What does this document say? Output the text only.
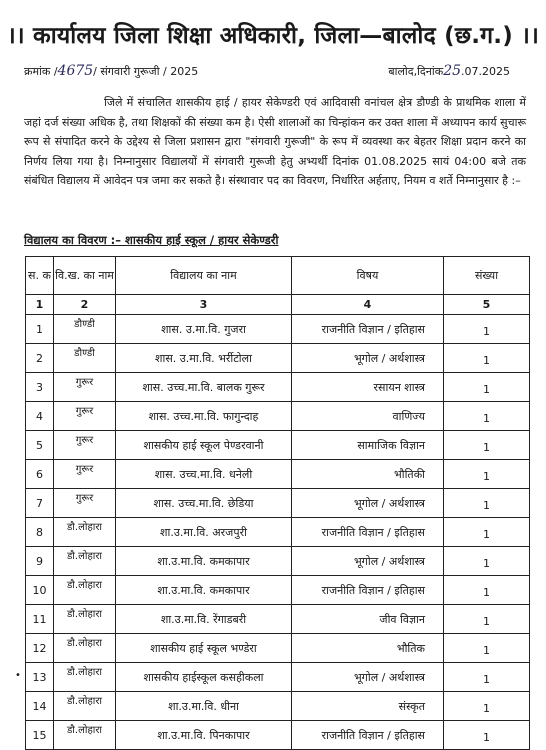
।। कार्यालय जिला शिक्षा अधिकारी, जिला—बालोद (छ.ग.) ।।
क्रमांक /4675/ संगवारी गुरूजी / 2025	बालोद,दिनांक25.07.2025
जिले में संचालित शासकीय हाई / हायर सेकेण्डरी एवं आदिवासी वनांचल क्षेत्र डौण्डी के प्राथमिक शाला में जहां दर्ज संख्या अधिक है, तथा शिक्षकों की संख्या कम है। ऐसी शालाओं का चिन्हांकन कर उक्त शाला में अध्यापन कार्य सुचारू रूप से संपादित करने के उद्देश्य से जिला प्रशासन द्वारा "संगवारी गुरूजी" के रूप में व्यवस्था कर बेहतर शिक्षा प्रदान करने का निर्णय लिया गया है। निम्नानुसार विद्यालयों में संगवारी गुरूजी हेतु अभ्यर्थी दिनांक 01.08.2025 सायं 04:00 बजे तक संबंधित विद्यालय में आवेदन पत्र जमा कर सकते है। संस्थावार पद का विवरण, निर्धारित अर्हताए, नियम व शर्ते निम्नानुसार है :–
विद्यालय का विवरण :– शासकीय हाई स्कूल / हायर सेकेण्डरी
स. क	वि.ख. का नाम	विद्यालय का नाम	विषय	संख्या
1	2	3	4	5
1	डौण्डी	शास. उ.मा.वि. गुजरा	राजनीति विज्ञान / इतिहास	1
2	डौण्डी	शास. उ.मा.वि. भर्रीटोला	भूगोल / अर्थशास्त्र	1
3	गुरूर	शास. उच्च.मा.वि. बालक गुरूर	रसायन शास्त्र	1
4	गुरूर	शास. उच्च.मा.वि. फागुन्दाह	वाणिज्य	1
5	गुरूर	शासकीय हाई स्कूल पेण्डरवानी	सामाजिक विज्ञान	1
6	गुरूर	शास. उच्च.मा.वि. धनेली	भौतिकी	1
7	गुरूर	शास. उच्च.मा.वि. छेडिया	भूगोल / अर्थशास्त्र	1
8	डौ.लोहारा	शा.उ.मा.वि. अरजपुरी	राजनीति विज्ञान / इतिहास	1
9	डौ.लोहारा	शा.उ.मा.वि. कमकापार	भूगोल / अर्थशास्त्र	1
10	डौ.लोहारा	शा.उ.मा.वि. कमकापार	राजनीति विज्ञान / इतिहास	1
11	डौ.लोहारा	शा.उ.मा.वि. रेंगाडबरी	जीव विज्ञान	1
12	डौ.लोहारा	शासकीय हाई स्कूल भण्डेरा	भौतिक	1
13	डौ.लोहारा	शासकीय हाईस्कूल कसहीकला	भूगोल / अर्थशास्त्र	1
14	डौ.लोहारा	शा.उ.मा.वि. धीना	संस्कृत	1
15	डौ.लोहारा	शा.उ.मा.वि. पिनकापार	राजनीति विज्ञान / इतिहास	1
•
